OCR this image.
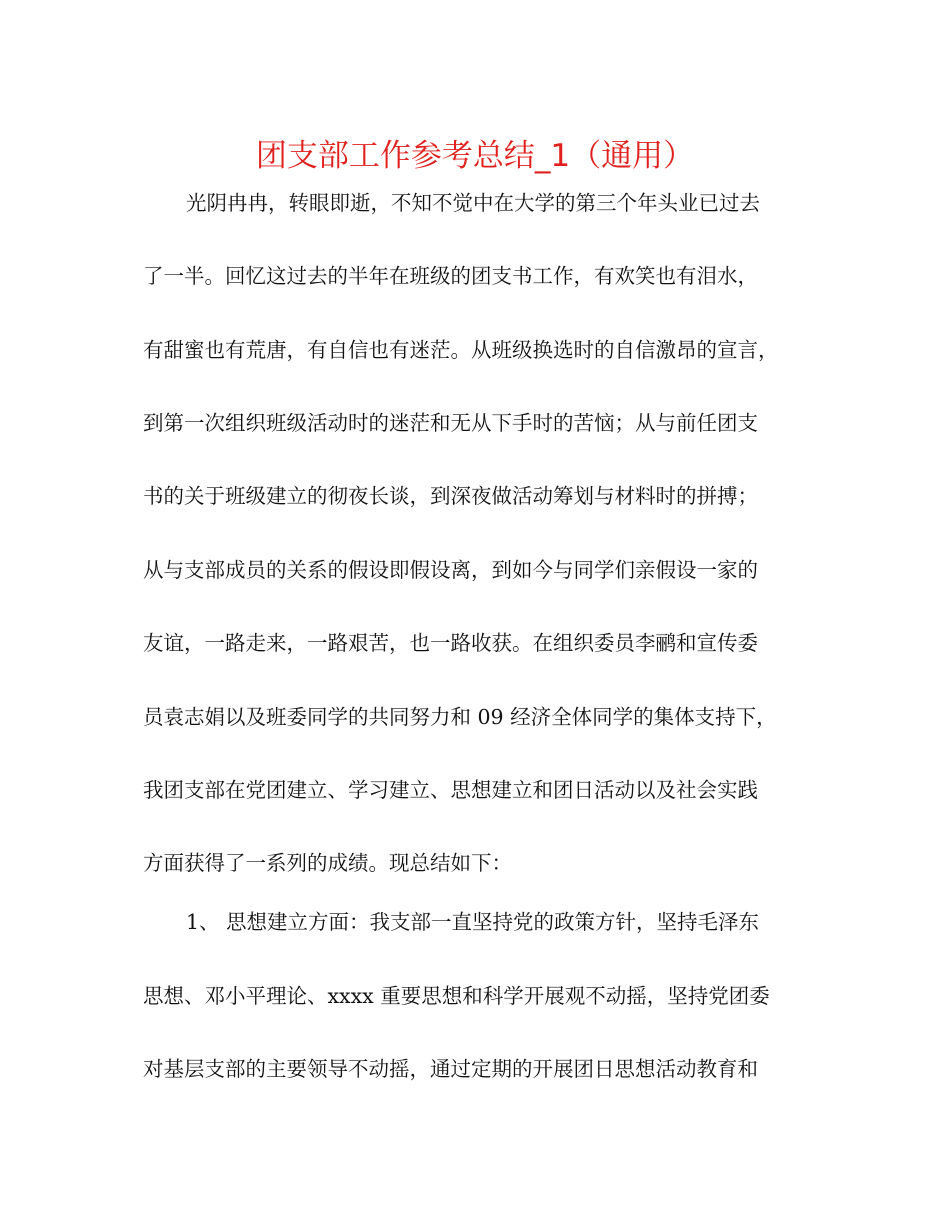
团支部工作参考总结_1（通用）
光阴冉冉，转眼即逝，不知不觉中在大学的第三个年头业已过去
了一半。回忆这过去的半年在班级的团支书工作，有欢笑也有泪水，
有甜蜜也有荒唐，有自信也有迷茫。从班级换选时的自信激昂的宣言，
到第一次组织班级活动时的迷茫和无从下手时的苦恼；从与前任团支
书的关于班级建立的彻夜长谈，到深夜做活动筹划与材料时的拼搏；
从与支部成员的关系的假设即假设离，到如今与同学们亲假设一家的
友谊，一路走来，一路艰苦，也一路收获。在组织委员李鹂和宣传委
员袁志娟以及班委同学的共同努力和 09 经济全体同学的集体支持下，
我团支部在党团建立、学习建立、思想建立和团日活动以及社会实践
方面获得了一系列的成绩。现总结如下：
1、 思想建立方面：我支部一直坚持党的政策方针，坚持毛泽东
思想、邓小平理论、xxxx 重要思想和科学开展观不动摇，坚持党团委
对基层支部的主要领导不动摇，通过定期的开展团日思想活动教育和
